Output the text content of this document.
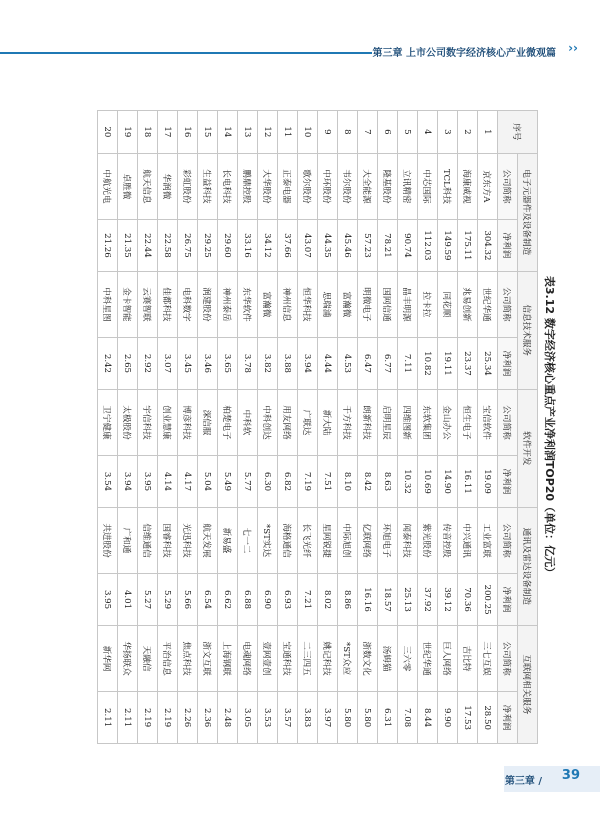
第三章 上市公司数字经济核心产业微观篇 ››
表3.12 数字经济核心重点产业净利润TOP20（单位：亿元）
序号	电子元器件及设备制造		信息技术服务		软件开发		通讯及雷达设备制造		互联网相关服务	
	公司简称	净利润	公司简称	净利润	公司简称	净利润	公司简称	净利润	公司简称	净利润
1	京东方A	304.32	世纪华通	25.34	宝信软件	19.09	工业富联	200.25	三七互娱	28.50
2	海康威视	175.11	兆易创新	23.37	恒生电子	16.11	中兴通讯	70.36	吉比特	17.53
3	TCL科技	149.59	同花顺	19.11	金山办公	14.90	传音控股	39.12	巨人网络	9.90
4	中芯国际	112.03	拉卡拉	10.82	东软集团	10.69	紫光股份	37.92	世纪华通	8.44
5	立讯精密	90.74	晶丰明源	7.11	四维图新	10.32	闻泰科技	25.13	三六零	7.08
6	隆基股份	78.21	国网信通	6.77	启明星辰	8.63	环旭电子	18.57	汤姆猫	6.31
7	大全能源	57.23	明微电子	6.47	朗新科技	8.42	亿联网络	16.16	浙数文化	5.80
8	韦尔股份	45.46	富瀚微	4.53	千方科技	8.10	中际旭创	8.86	*ST众应	5.80
9	中环股份	44.35	思瑞浦	4.44	新大陆	7.51	星网锐捷	8.02	姚记科技	3.97
10	歌尔股份	43.07	恒华科技	3.94	广联达	7.19	长飞光纤	7.21	二三四五	3.83
11	正泰电器	37.66	神州信息	3.88	用友网络	6.82	海格通信	6.93	宝通科技	3.57
12	大华股份	34.12	富瀚微	3.82	中科创达	6.30	*ST实达	6.90	壹网壹创	3.53
13	鹏鼎控股	33.16	东华软件	3.78	中科软	5.77	七一二	6.88	电魂网络	3.05
14	长电科技	29.60	神州泰岳	3.65	柏楚电子	5.49	新易盛	6.62	上海钢联	2.48
15	生益科技	29.25	润建股份	3.46	深信服	5.04	航天发展	6.54	浙文互联	2.36
16	彩虹股份	26.75	电科数字	3.45	博彦科技	4.17	光迅科技	5.66	焦点科技	2.26
17	华润微	22.58	佳都科技	3.07	创业慧康	4.14	国睿科技	5.29	平治信息	2.19
18	航天信息	22.44	云赛智联	2.92	宇信科技	3.95	信维通信	5.27	天融信	2.19
19	卓胜微	21.35	金卡智能	2.65	太极股份	3.94	广和通	4.01	华扬联众	2.11
20	中航光电	21.26	中科星图	2.42	卫宁健康	3.54	共进股份	3.95	新华网	2.11
第三章 / 39
